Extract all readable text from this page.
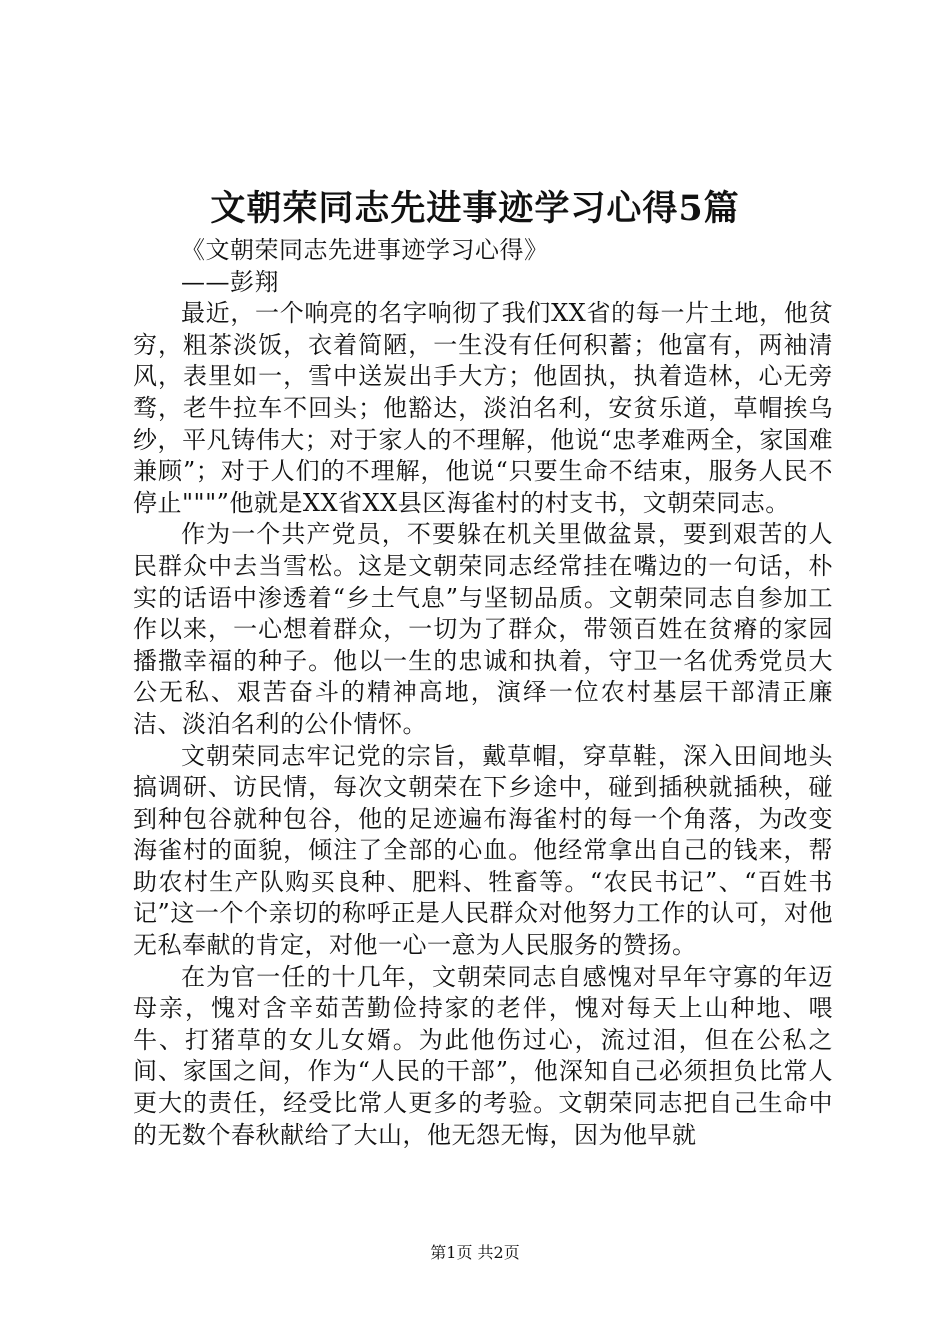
文朝荣同志先进事迹学习心得5篇

《文朝荣同志先进事迹学习心得》

——彭翔

最近，一个响亮的名字响彻了我们XX省的每一片土地，他贫穷，粗茶淡饭，衣着简陋，一生没有任何积蓄；他富有，两袖清风，表里如一，雪中送炭出手大方；他固执，执着造林，心无旁骛，老牛拉车不回头；他豁达，淡泊名利，安贫乐道，草帽挨乌纱，平凡铸伟大；对于家人的不理解，他说“忠孝难两全，家国难兼顾”；对于人们的不理解，他说“只要生命不结束，服务人民不停止"""”他就是XX省XX县区海雀村的村支书，文朝荣同志。

作为一个共产党员，不要躲在机关里做盆景，要到艰苦的人民群众中去当雪松。这是文朝荣同志经常挂在嘴边的一句话，朴实的话语中渗透着“乡土气息”与坚韧品质。文朝荣同志自参加工作以来，一心想着群众，一切为了群众，带领百姓在贫瘠的家园播撒幸福的种子。他以一生的忠诚和执着，守卫一名优秀党员大公无私、艰苦奋斗的精神高地，演绎一位农村基层干部清正廉洁、淡泊名利的公仆情怀。

文朝荣同志牢记党的宗旨，戴草帽，穿草鞋，深入田间地头搞调研、访民情，每次文朝荣在下乡途中，碰到插秧就插秧，碰到种包谷就种包谷，他的足迹遍布海雀村的每一个角落，为改变海雀村的面貌，倾注了全部的心血。他经常拿出自己的钱来，帮助农村生产队购买良种、肥料、牲畜等。“农民书记”、“百姓书记”这一个个亲切的称呼正是人民群众对他努力工作的认可，对他无私奉献的肯定，对他一心一意为人民服务的赞扬。

在为官一任的十几年，文朝荣同志自感愧对早年守寡的年迈母亲，愧对含辛茹苦勤俭持家的老伴，愧对每天上山种地、喂牛、打猪草的女儿女婿。为此他伤过心，流过泪，但在公私之间、家国之间，作为“人民的干部”，他深知自己必须担负比常人更大的责任，经受比常人更多的考验。文朝荣同志把自己生命中的无数个春秋献给了大山，他无怨无悔，因为他早就

第1页 共2页
